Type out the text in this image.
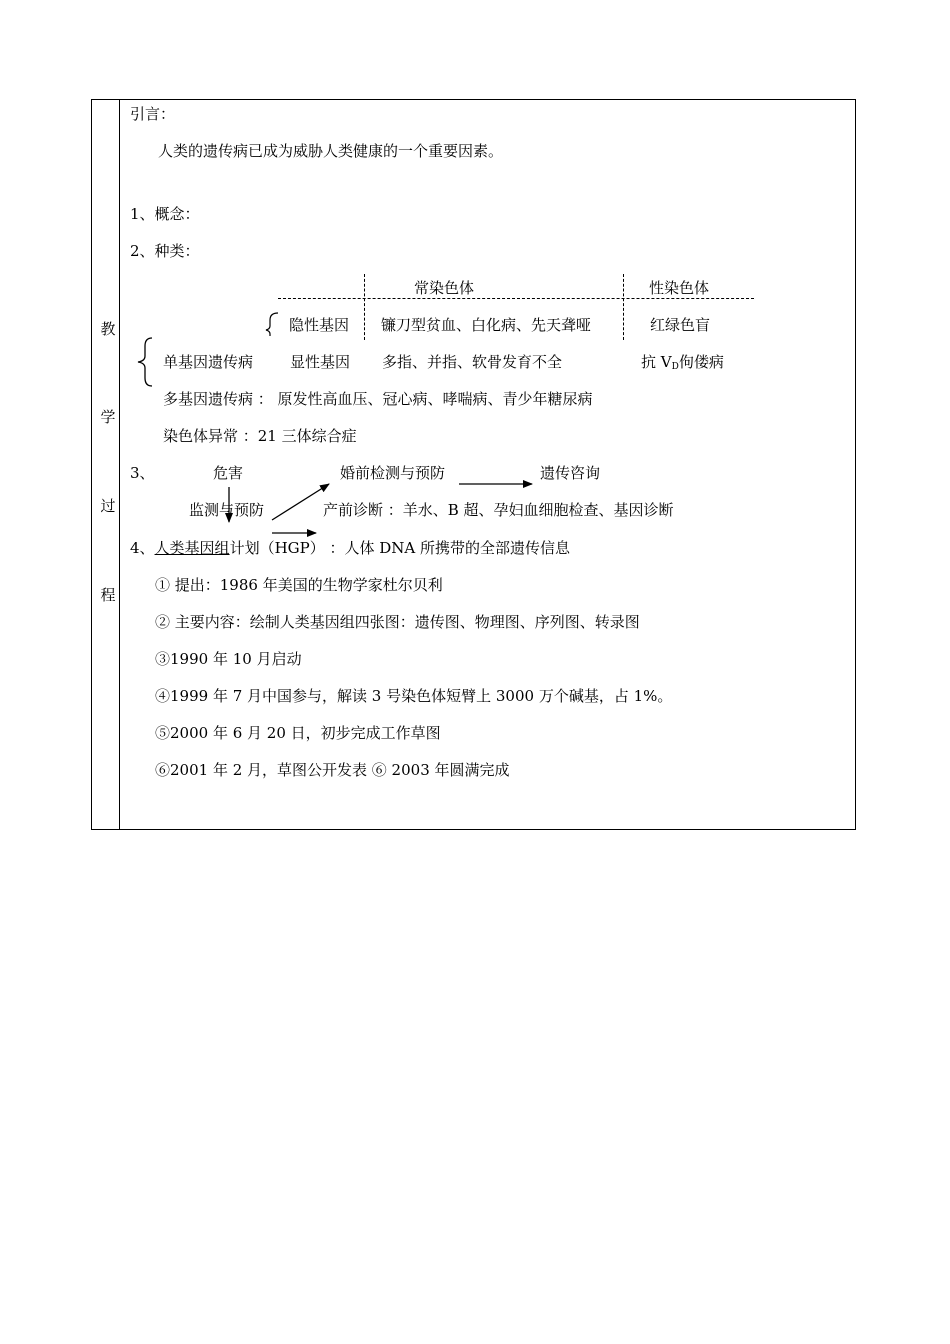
教
学
过
程
引言：
人类的遗传病已成为威胁人类健康的一个重要因素。
1、概念：
2、种类：
常染色体	性染色体
隐性基因 镰刀型贫血、白化病、先天聋哑	红绿色盲
单基因遗传病 显性基因 多指、并指、软骨发育不全	抗 $V_D$佝偻病
多基因遗传病 ： 原发性高血压、冠心病、哮喘病、青少年糖尿病
染色体异常 ：21 三体综合症
3、	危害	婚前检测与预防	遗传咨询
监测与预防	产前诊断 ：羊水、B 超、孕妇血细胞检查、基因诊断
4、人类基因组计划（HGP） ：人体 DNA 所携带的全部遗传信息
① 提出：1986 年美国的生物学家杜尔贝利
② 主要内容：绘制人类基因组四张图：遗传图、物理图、序列图、转录图
③1990 年 10 月启动
④1999 年 7 月中国参与，解读 3 号染色体短臂上 3000 万个碱基，占 1%。
⑤2000 年 6 月 20 日，初步完成工作草图
⑥2001 年 2 月，草图公开发表 ⑥ 2003 年圆满完成
